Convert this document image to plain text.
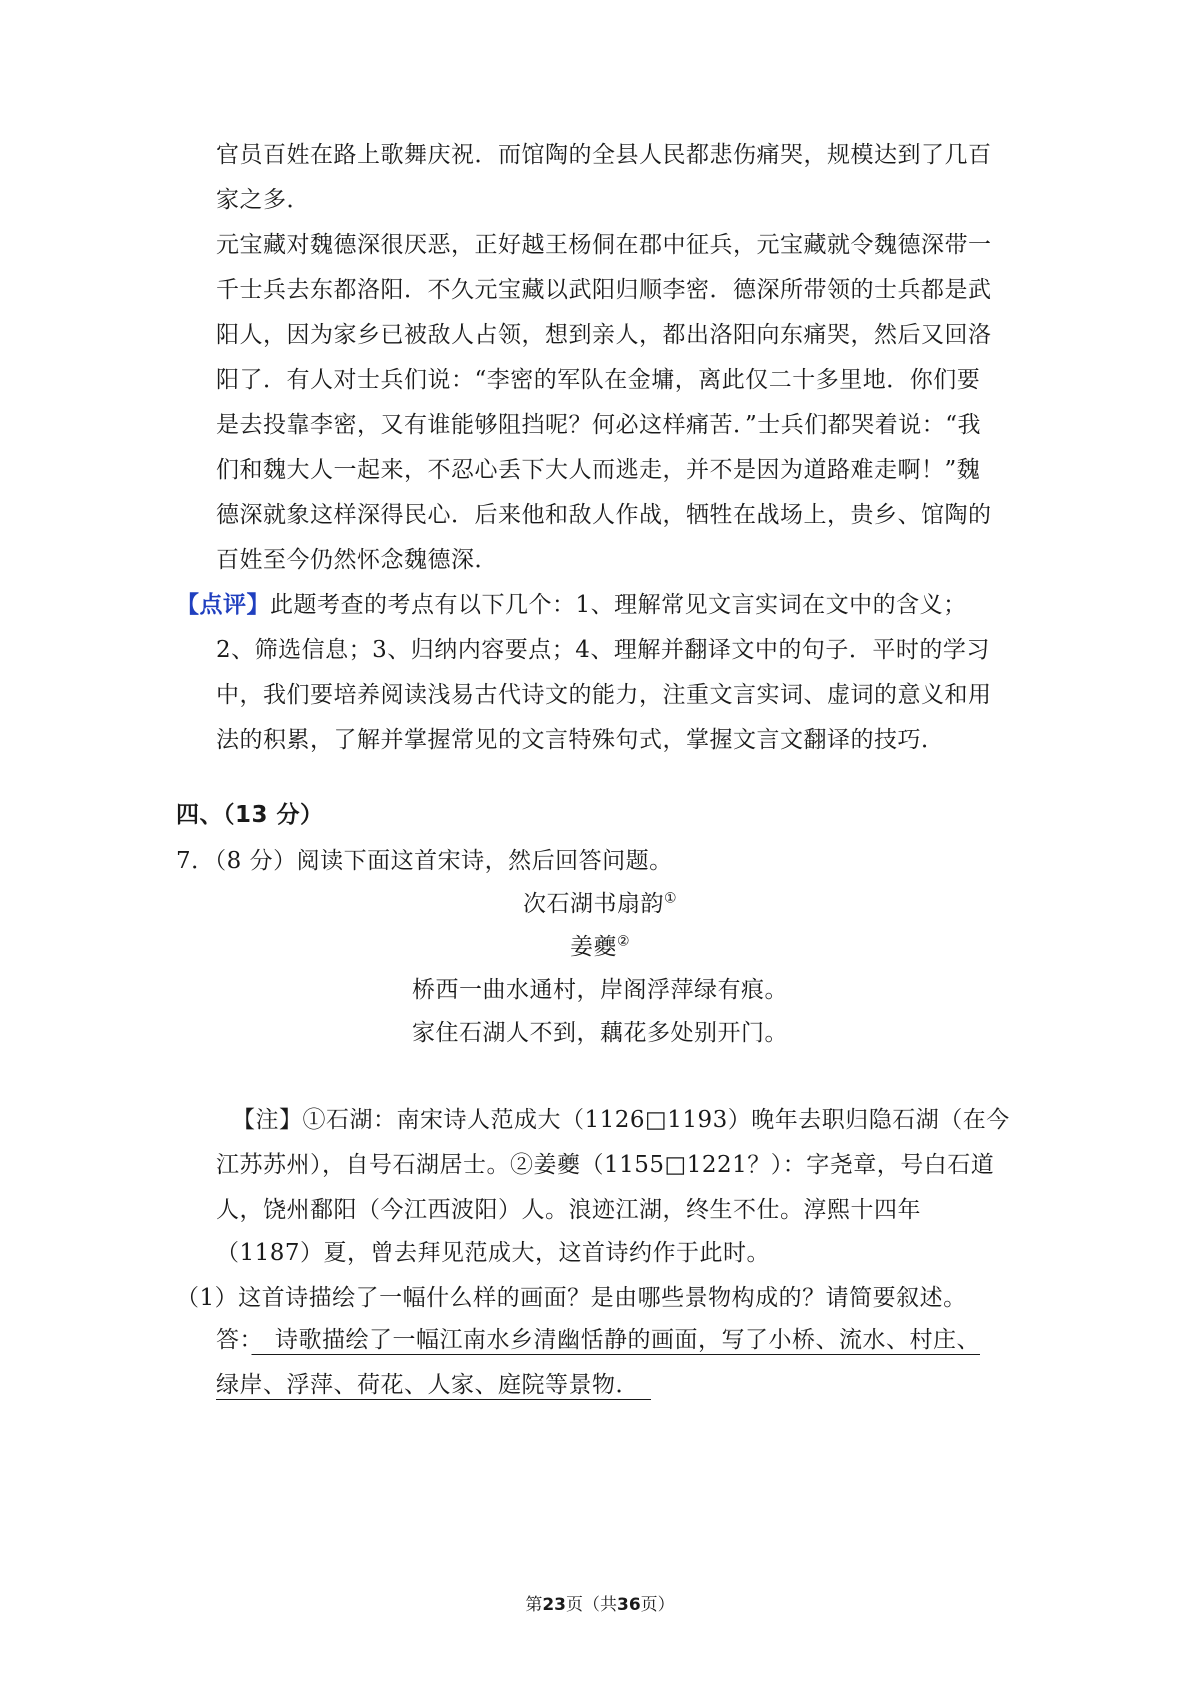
官员百姓在路上歌舞庆祝．而馆陶的全县人民都悲伤痛哭，规模达到了几百
家之多．
元宝藏对魏德深很厌恶，正好越王杨侗在郡中征兵，元宝藏就令魏德深带一
千士兵去东都洛阳．不久元宝藏以武阳归顺李密．德深所带领的士兵都是武
阳人，因为家乡已被敌人占领，想到亲人，都出洛阳向东痛哭，然后又回洛
阳了．有人对士兵们说：“李密的军队在金墉，离此仅二十多里地．你们要
是去投靠李密，又有谁能够阻挡呢？何必这样痛苦．”士兵们都哭着说：“我
们和魏大人一起来，不忍心丢下大人而逃走，并不是因为道路难走啊！”魏
德深就象这样深得民心．后来他和敌人作战，牺牲在战场上，贵乡、馆陶的
百姓至今仍然怀念魏德深．
【点评】此题考查的考点有以下几个：1、理解常见文言实词在文中的含义；
2、筛选信息；3、归纳内容要点；4、理解并翻译文中的句子．平时的学习
中，我们要培养阅读浅易古代诗文的能力，注重文言实词、虚词的意义和用
法的积累，了解并掌握常见的文言特殊句式，掌握文言文翻译的技巧．
四、（13 分）
7．（8 分）阅读下面这首宋诗，然后回答问题。
次石湖书扇韵①
姜夔②
桥西一曲水通村，岸阁浮萍绿有痕。
家住石湖人不到，藕花多处别开门。
【注】①石湖：南宋诗人范成大（1126□1193）晚年去职归隐石湖（在今
江苏苏州），自号石湖居士。②姜夔（1155□1221？）：字尧章，号白石道
人，饶州鄱阳（今江西波阳）人。浪迹江湖，终生不仕。淳熙十四年
（1187）夏，曾去拜见范成大，这首诗约作于此时。
（1）这首诗描绘了一幅什么样的画面？是由哪些景物构成的？请简要叙述。
答：　诗歌描绘了一幅江南水乡清幽恬静的画面，写了小桥、流水、村庄、
绿岸、浮萍、荷花、人家、庭院等景物．　
第23页（共36页）
